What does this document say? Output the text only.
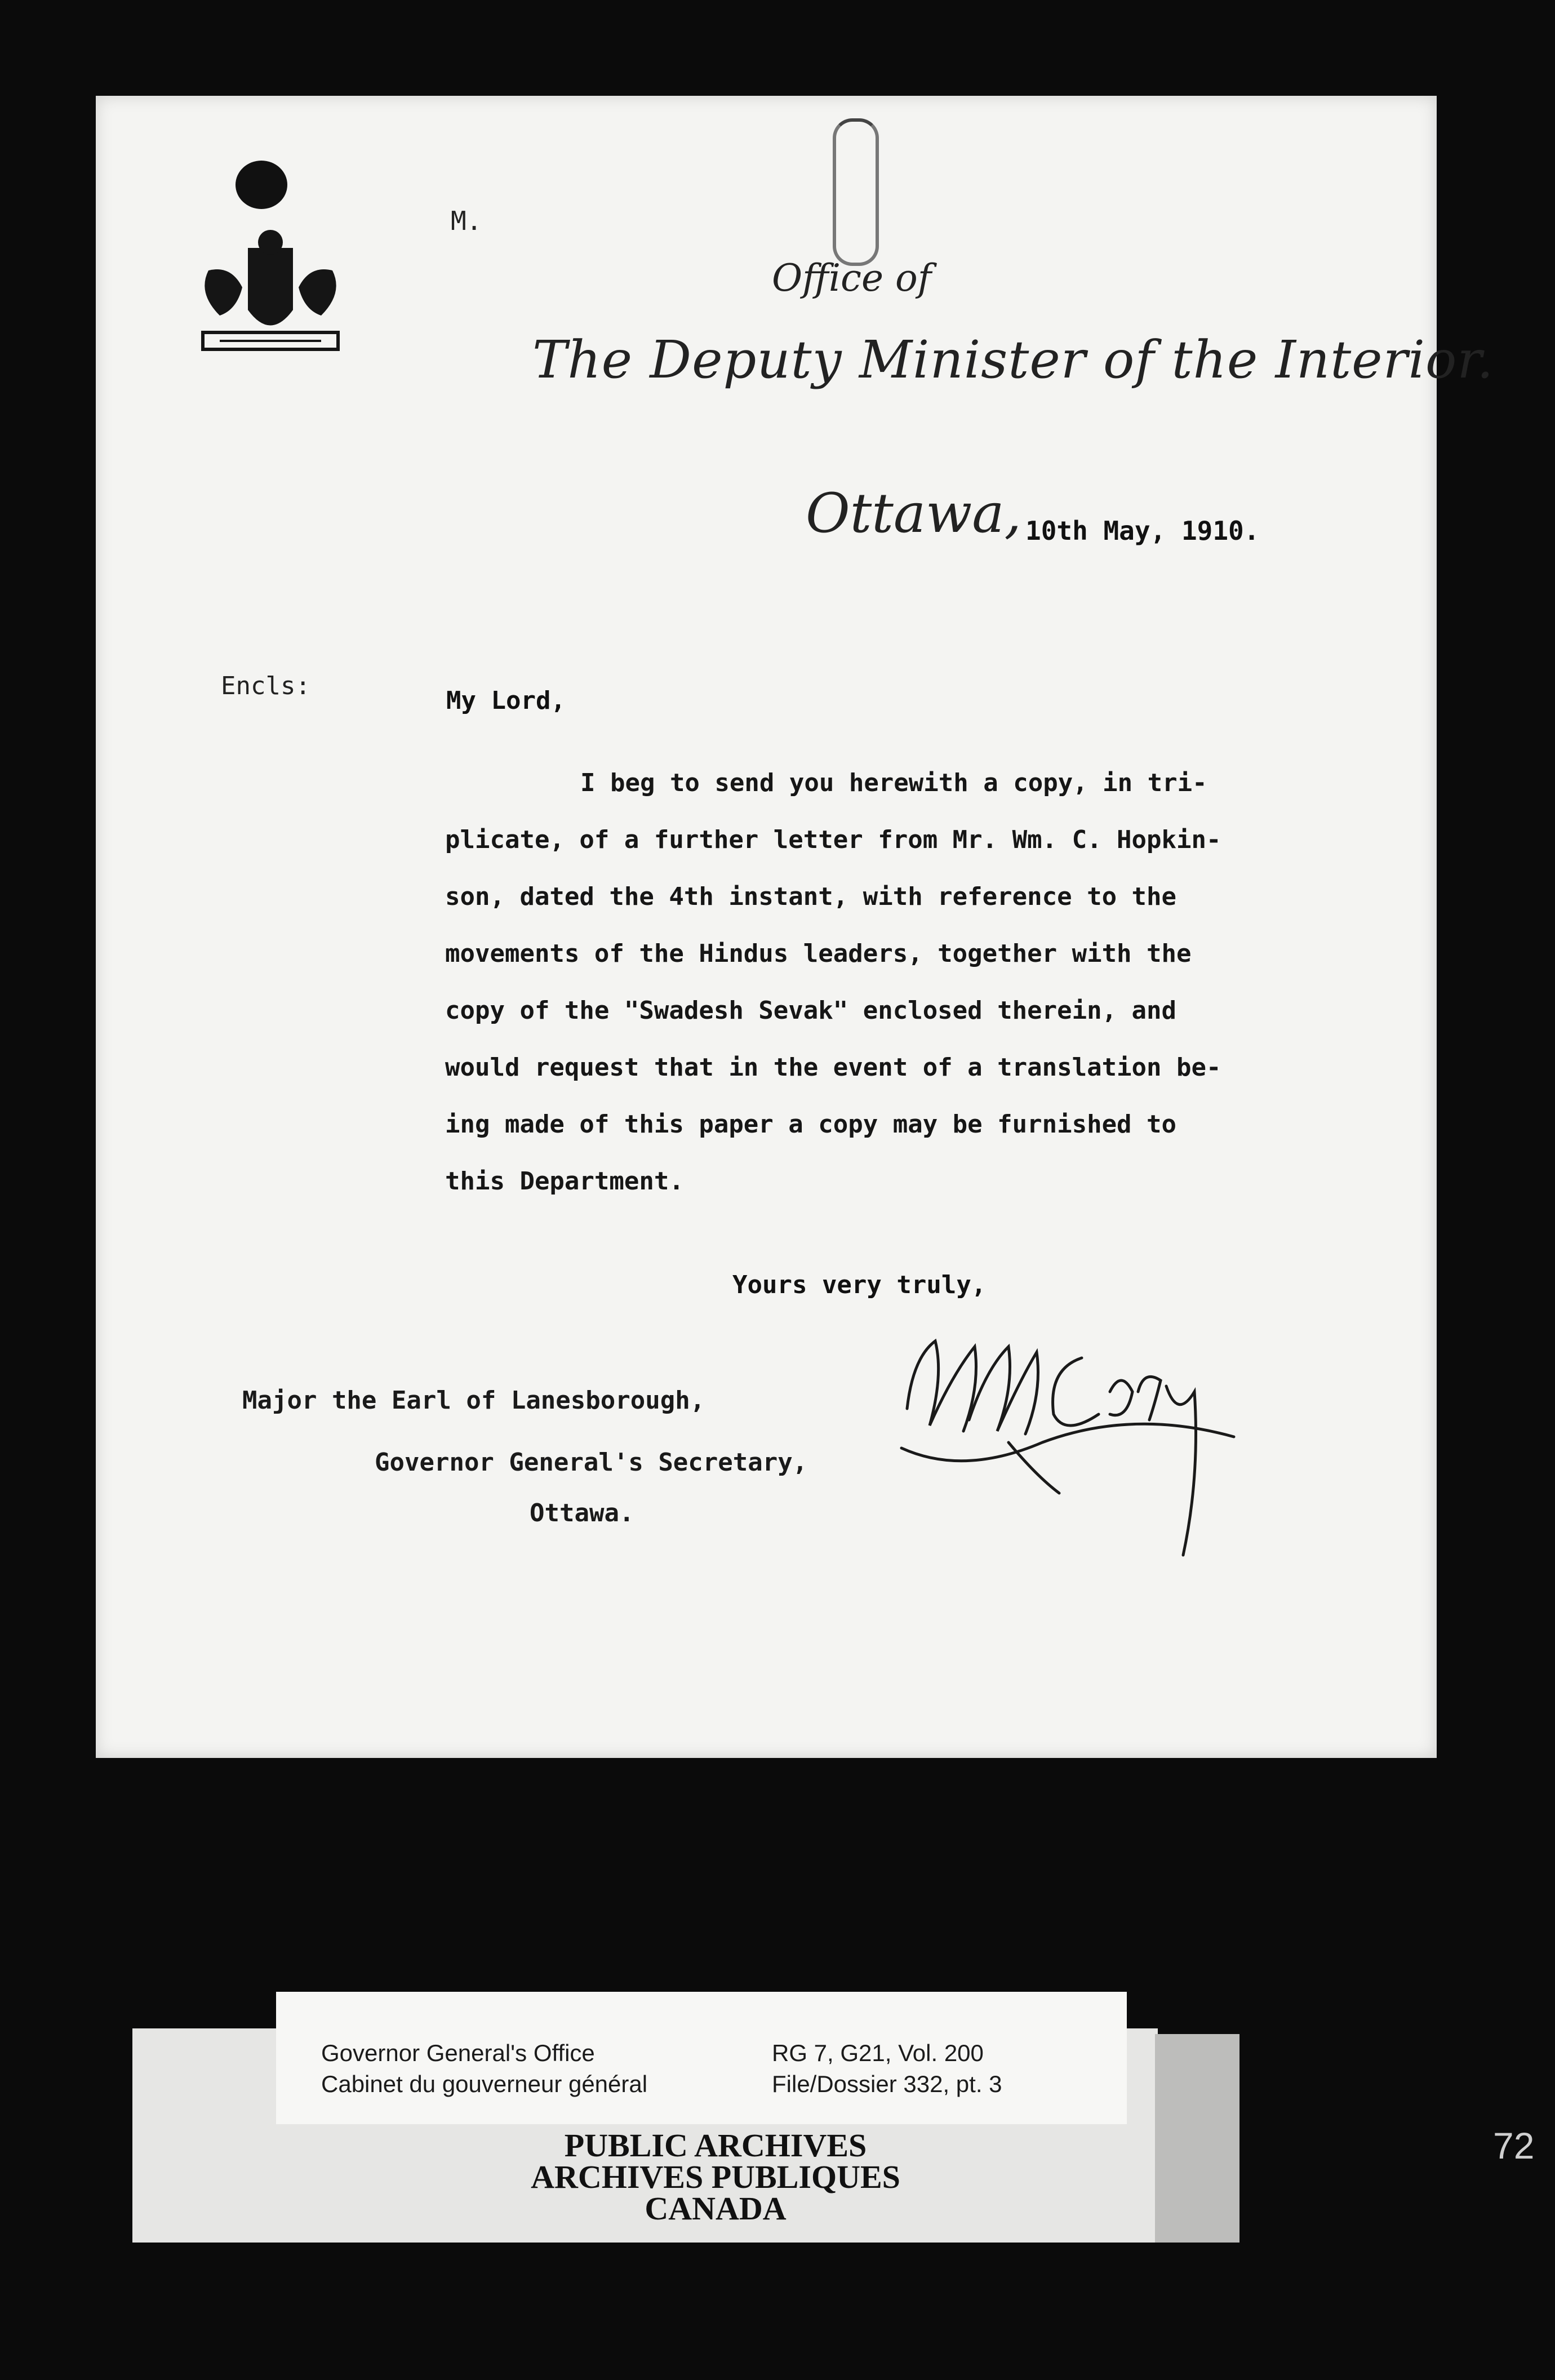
M.
Office of
The Deputy Minister of the Interior.
Ottawa, 10th May, 1910.
Encls:
My Lord,
I beg to send you herewith a copy, in tri-
plicate, of a further letter from Mr. Wm. C. Hopkin-
son, dated the 4th instant, with reference to the
movements of the Hindus leaders, together with the
copy of the "Swadesh Sevak" enclosed therein, and
would request that in the event of a translation be-
ing made of this paper a copy may be furnished to
this Department.
Yours very truly,
Major the Earl of Lanesborough,
Governor General's Secretary,
Ottawa.
Governor General's Office
Cabinet du gouverneur général
RG 7, G21, Vol. 200
File/Dossier 332, pt. 3
PUBLIC ARCHIVES
ARCHIVES PUBLIQUES
CANADA
72
